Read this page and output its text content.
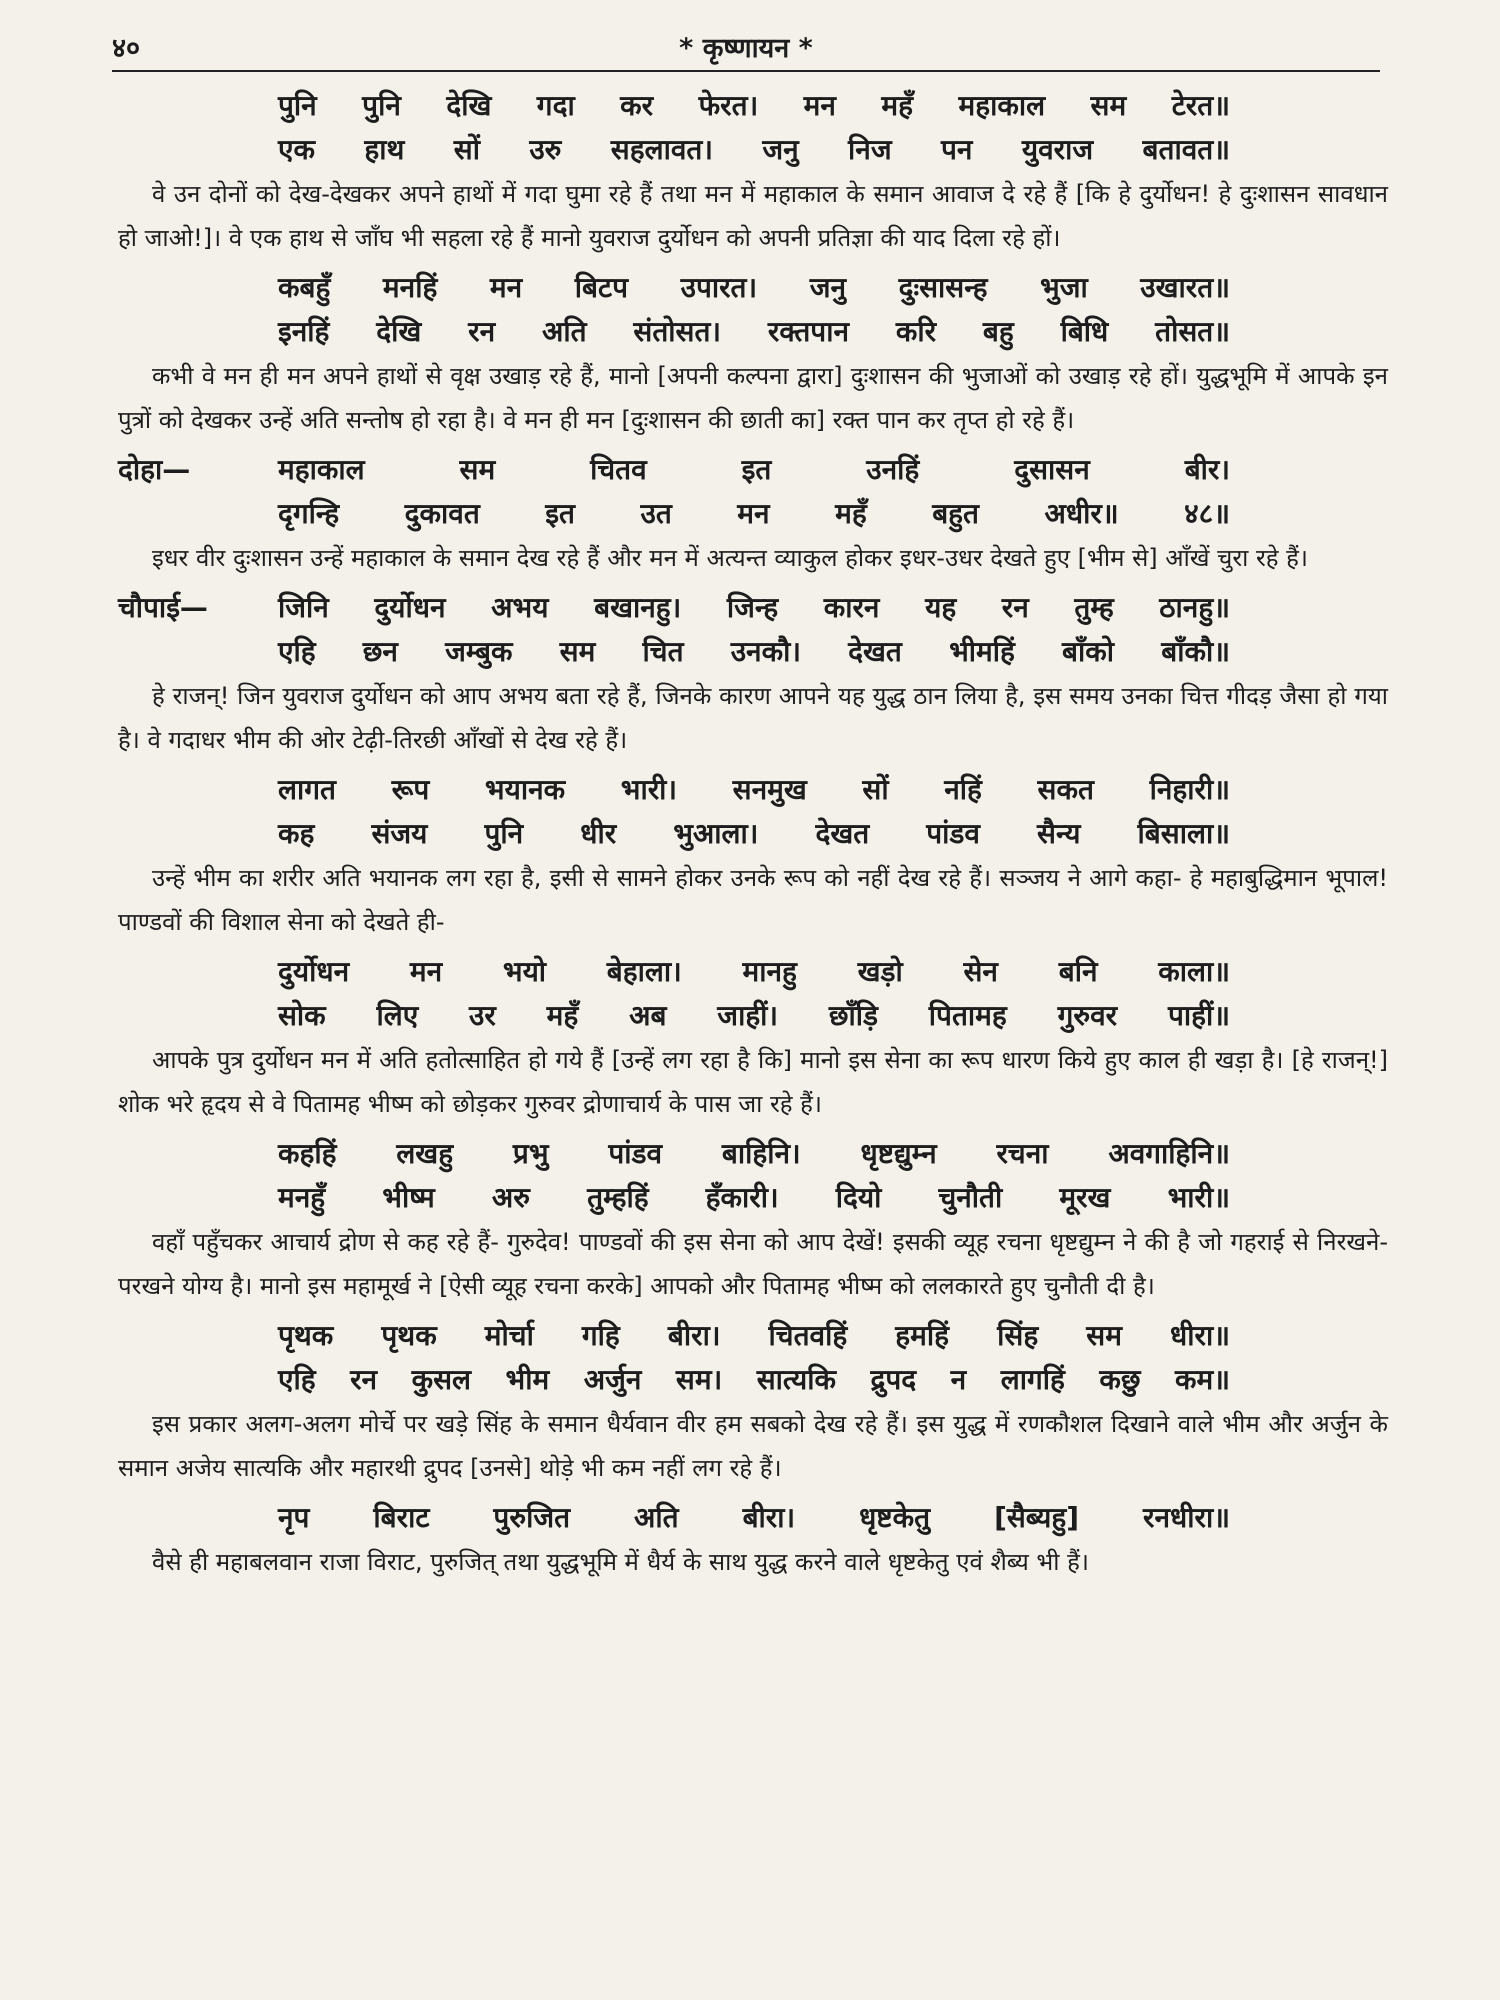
४०	* कृष्णायन *
पुनि पुनि देखि गदा कर फेरत। मन महँ महाकाल सम टेरत॥
एक हाथ सों उरु सहलावत। जनु निज पन युवराज बतावत॥

वे उन दोनों को देख-देखकर अपने हाथों में गदा घुमा रहे हैं तथा मन में महाकाल के समान आवाज दे रहे हैं [कि हे दुर्योधन! हे दुःशासन सावधान हो जाओ!]। वे एक हाथ से जाँघ भी सहला रहे हैं मानो युवराज दुर्योधन को अपनी प्रतिज्ञा की याद दिला रहे हों।

कबहुँ मनहिं मन बिटप उपारत। जनु दुःसासन्ह भुजा उखारत॥
इनहिं देखि रन अति संतोसत। रक्तपान करि बहु बिधि तोसत॥

कभी वे मन ही मन अपने हाथों से वृक्ष उखाड़ रहे हैं, मानो [अपनी कल्पना द्वारा] दुःशासन की भुजाओं को उखाड़ रहे हों। युद्धभूमि में आपके इन पुत्रों को देखकर उन्हें अति सन्तोष हो रहा है। वे मन ही मन [दुःशासन की छाती का] रक्त पान कर तृप्त हो रहे हैं।

दोहा—	महाकाल सम चितव इत उनहिं दुसासन बीर।
दृगन्हि दुकावत इत उत मन महँ बहुत अधीर॥ ४८॥

इधर वीर दुःशासन उन्हें महाकाल के समान देख रहे हैं और मन में अत्यन्त व्याकुल होकर इधर-उधर देखते हुए [भीम से] आँखें चुरा रहे हैं।

चौपाई—	जिनि दुर्योधन अभय बखानहु। जिन्ह कारन यह रन तुम्ह ठानहु॥
एहि छन जम्बुक सम चित उनकौ। देखत भीमहिं बाँको बाँकौ॥

हे राजन्! जिन युवराज दुर्योधन को आप अभय बता रहे हैं, जिनके कारण आपने यह युद्ध ठान लिया है, इस समय उनका चित्त गीदड़ जैसा हो गया है। वे गदाधर भीम की ओर टेढ़ी-तिरछी आँखों से देख रहे हैं।

लागत रूप भयानक भारी। सनमुख सों नहिं सकत निहारी॥
कह संजय पुनि धीर भुआला। देखत पांडव सैन्य बिसाला॥

उन्हें भीम का शरीर अति भयानक लग रहा है, इसी से सामने होकर उनके रूप को नहीं देख रहे हैं। सञ्जय ने आगे कहा- हे महाबुद्धिमान भूपाल! पाण्डवों की विशाल सेना को देखते ही-

दुर्योधन मन भयो बेहाला। मानहु खड़ो सेन बनि काला॥
सोक लिए उर महँ अब जाहीं। छाँड़ि पितामह गुरुवर पाहीं॥

आपके पुत्र दुर्योधन मन में अति हतोत्साहित हो गये हैं [उन्हें लग रहा है कि] मानो इस सेना का रूप धारण किये हुए काल ही खड़ा है। [हे राजन्!] शोक भरे हृदय से वे पितामह भीष्म को छोड़कर गुरुवर द्रोणाचार्य के पास जा रहे हैं।

कहहिं लखहु प्रभु पांडव बाहिनि। धृष्टद्युम्न रचना अवगाहिनि॥
मनहुँ भीष्म अरु तुम्हहिं हँकारी। दियो चुनौती मूरख भारी॥

वहाँ पहुँचकर आचार्य द्रोण से कह रहे हैं- गुरुदेव! पाण्डवों की इस सेना को आप देखें! इसकी व्यूह रचना धृष्टद्युम्न ने की है जो गहराई से निरखने-परखने योग्य है। मानो इस महामूर्ख ने [ऐसी व्यूह रचना करके] आपको और पितामह भीष्म को ललकारते हुए चुनौती दी है।

पृथक पृथक मोर्चा गहि बीरा। चितवहिं हमहिं सिंह सम धीरा॥
एहि रन कुसल भीम अर्जुन सम। सात्यकि द्रुपद न लागहिं कछु कम॥

इस प्रकार अलग-अलग मोर्चे पर खड़े सिंह के समान धैर्यवान वीर हम सबको देख रहे हैं। इस युद्ध में रणकौशल दिखाने वाले भीम और अर्जुन के समान अजेय सात्यकि और महारथी द्रुपद [उनसे] थोड़े भी कम नहीं लग रहे हैं।

नृप बिराट पुरुजित अति बीरा। धृष्टकेतु [सैब्यहु] रनधीरा॥

वैसे ही महाबलवान राजा विराट, पुरुजित् तथा युद्धभूमि में धैर्य के साथ युद्ध करने वाले धृष्टकेतु एवं शैब्य भी हैं।
